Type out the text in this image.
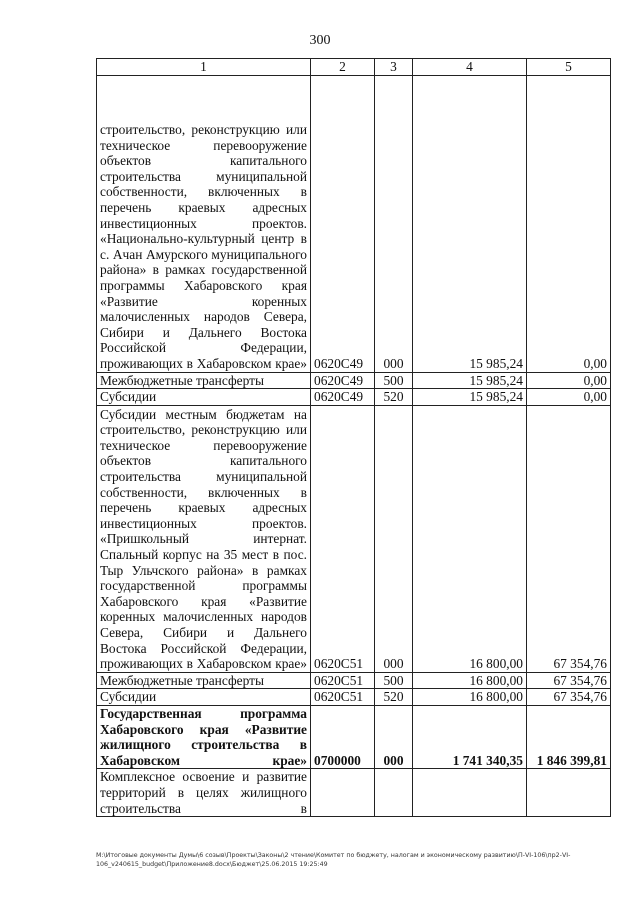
300
1	2	3	4	5
строительство, реконструкцию или техническое перевооружение объектов капитального строительства муниципальной собственности, включенных в перечень краевых адресных инвестиционных проектов. «Национально-культурный центр в с. Ачан Амурского муниципального района» в рамках государственной программы Хабаровского края «Развитие коренных малочисленных народов Севера, Сибири и Дальнего Востока Российской Федерации, проживающих в Хабаровском крае»	0620С49	000	15 985,24	0,00
Межбюджетные трансферты	0620С49	500	15 985,24	0,00
Субсидии	0620С49	520	15 985,24	0,00
Субсидии местным бюджетам на строительство, реконструкцию или техническое перевооружение объектов капитального строительства муниципальной собственности, включенных в перечень краевых адресных инвестиционных проектов. «Пришкольный интернат. Спальный корпус на 35 мест в пос. Тыр Ульчского района» в рамках государственной программы Хабаровского края «Развитие коренных малочисленных народов Севера, Сибири и Дальнего Востока Российской Федерации, проживающих в Хабаровском крае»	0620С51	000	16 800,00	67 354,76
Межбюджетные трансферты	0620С51	500	16 800,00	67 354,76
Субсидии	0620С51	520	16 800,00	67 354,76
Государственная программа Хабаровского края «Развитие жилищного строительства в Хабаровском крае»	0700000	000	1 741 340,35	1 846 399,81
Комплексное освоение и развитие территорий в целях жилищного строительства в				
M:\Итоговые документы Думы\6 созыв\Проекты\Законы\2 чтение\Комитет по бюджету, налогам и экономическому развитию\П-VI-106\пр2-VI-106_v240615_budget\Приложение8.docx\Бюджет\25.06.2015 19:25:49
